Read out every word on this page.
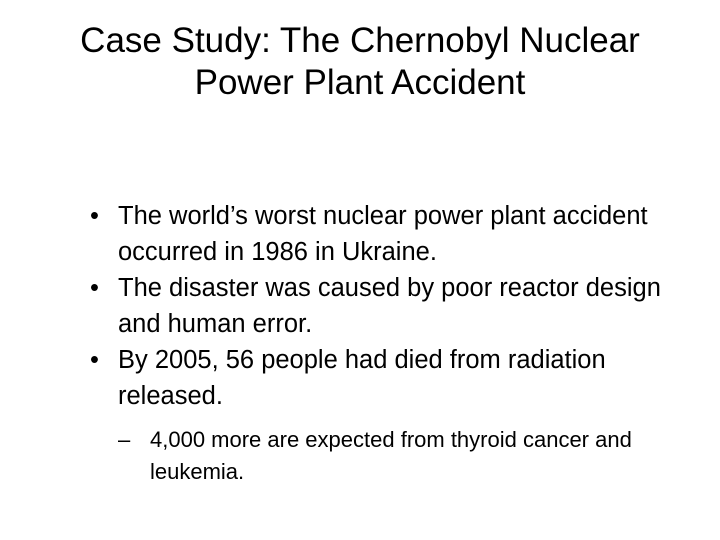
Case Study: The Chernobyl Nuclear
Power Plant Accident
• The world’s worst nuclear power plant accident occurred in 1986 in Ukraine.
• The disaster was caused by poor reactor design and human error.
• By 2005, 56 people had died from radiation released.
– 4,000 more are expected from thyroid cancer and leukemia.
